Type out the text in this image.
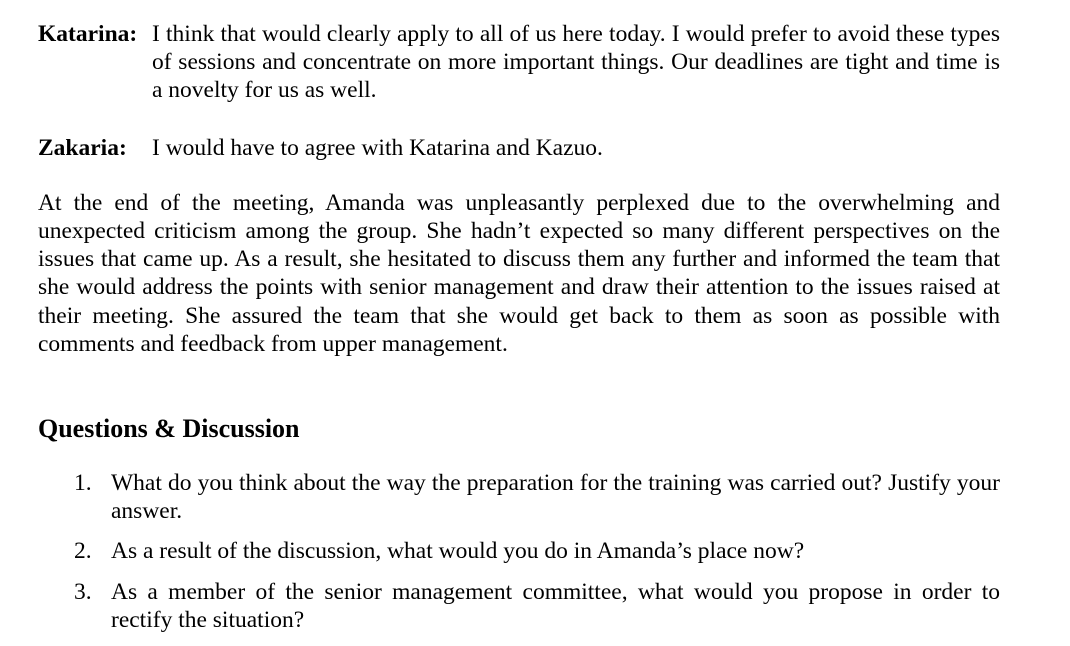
Katarina: I think that would clearly apply to all of us here today. I would prefer to avoid these types of sessions and concentrate on more important things. Our deadlines are tight and time is a novelty for us as well.
Zakaria:	I would have to agree with Katarina and Kazuo.

At the end of the meeting, Amanda was unpleasantly perplexed due to the overwhelming and unexpected criticism among the group. She hadn’t expected so many different perspectives on the issues that came up. As a result, she hesitated to discuss them any further and informed the team that she would address the points with senior management and draw their attention to the issues raised at their meeting. She assured the team that she would get back to them as soon as possible with comments and feedback from upper management.

Questions & Discussion
1. What do you think about the way the preparation for the training was carried out? Justify your answer.
2. As a result of the discussion, what would you do in Amanda’s place now?
3. As a member of the senior management committee, what would you propose in order to rectify the situation?
